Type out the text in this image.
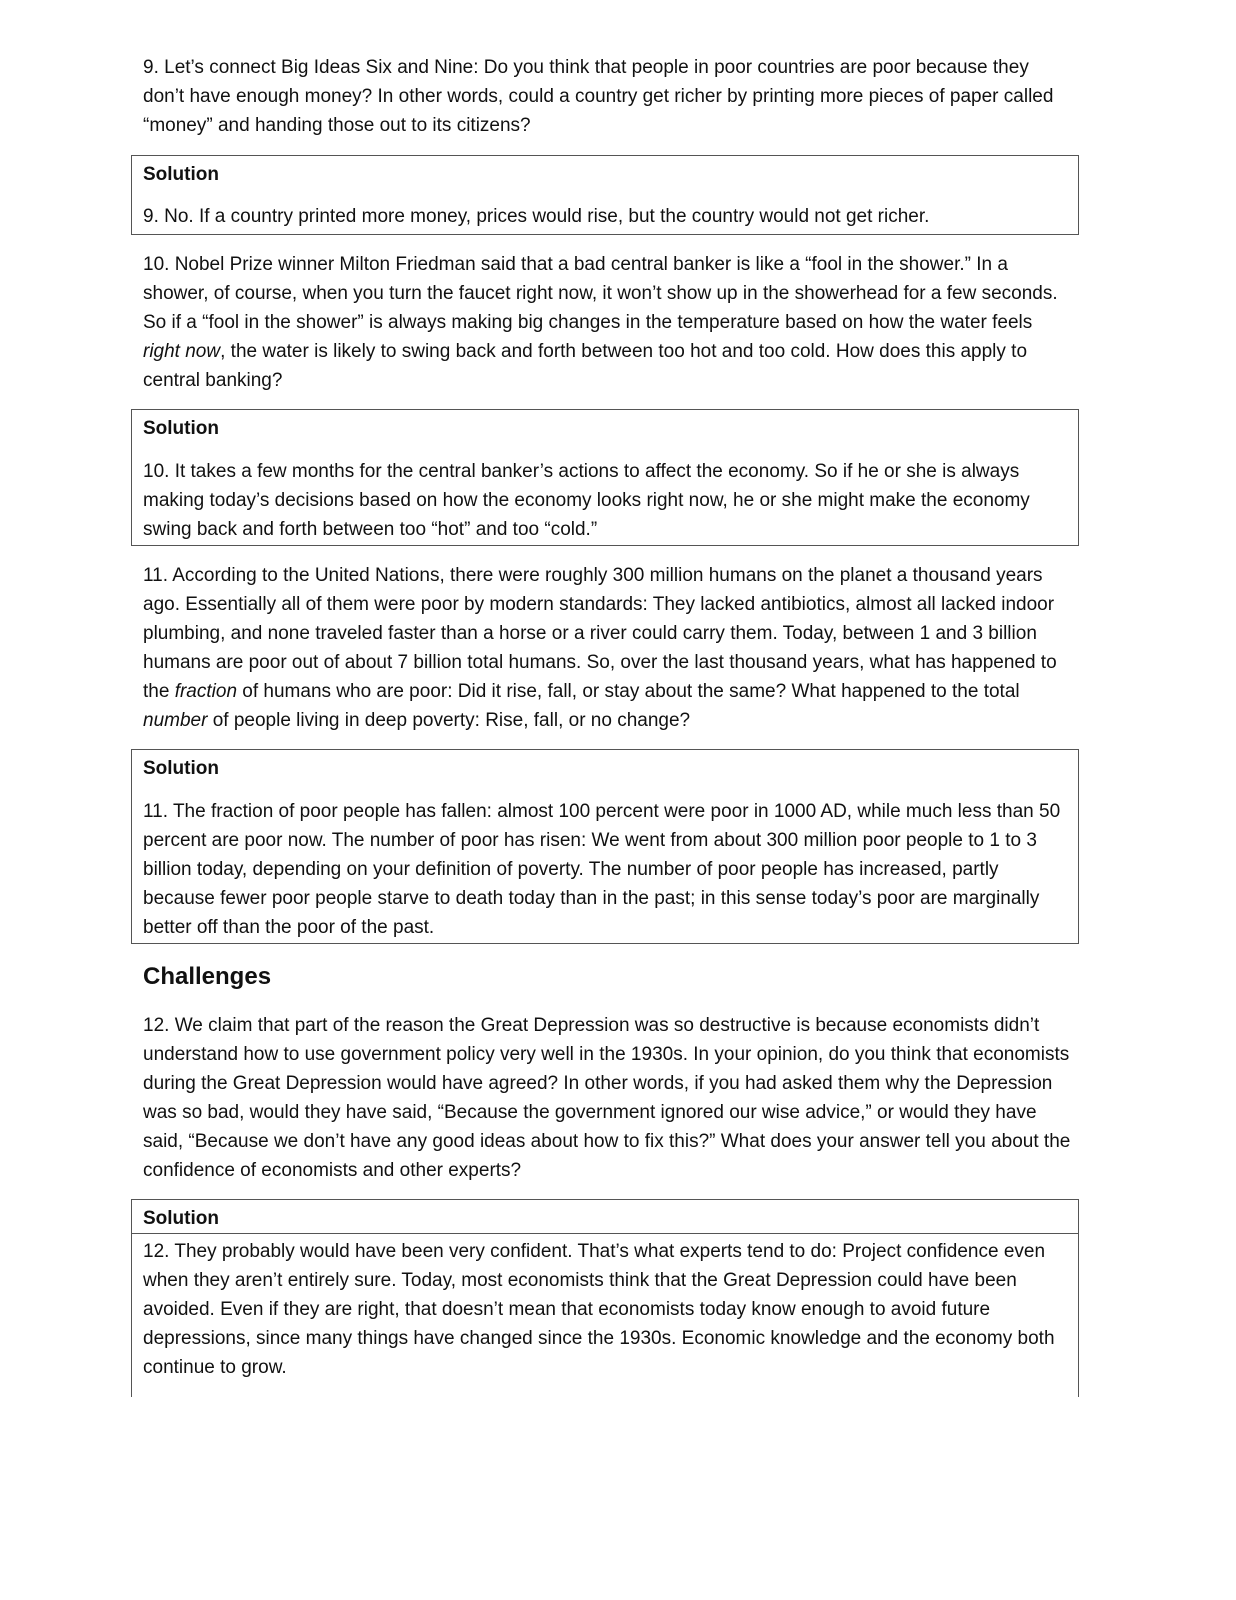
9. Let’s connect Big Ideas Six and Nine: Do you think that people in poor countries are poor because they don’t have enough money? In other words, could a country get richer by printing more pieces of paper called “money” and handing those out to its citizens?

Solution

9. No. If a country printed more money, prices would rise, but the country would not get richer.

10. Nobel Prize winner Milton Friedman said that a bad central banker is like a “fool in the shower.” In a shower, of course, when you turn the faucet right now, it won’t show up in the showerhead for a few seconds. So if a “fool in the shower” is always making big changes in the temperature based on how the water feels right now, the water is likely to swing back and forth between too hot and too cold. How does this apply to central banking?

Solution

10. It takes a few months for the central banker’s actions to affect the economy. So if he or she is always making today’s decisions based on how the economy looks right now, he or she might make the economy swing back and forth between too “hot” and too “cold.”

11. According to the United Nations, there were roughly 300 million humans on the planet a thousand years ago. Essentially all of them were poor by modern standards: They lacked antibiotics, almost all lacked indoor plumbing, and none traveled faster than a horse or a river could carry them. Today, between 1 and 3 billion humans are poor out of about 7 billion total humans. So, over the last thousand years, what has happened to the fraction of humans who are poor: Did it rise, fall, or stay about the same? What happened to the total number of people living in deep poverty: Rise, fall, or no change?

Solution

11. The fraction of poor people has fallen: almost 100 percent were poor in 1000 AD, while much less than 50 percent are poor now. The number of poor has risen: We went from about 300 million poor people to 1 to 3 billion today, depending on your definition of poverty. The number of poor people has increased, partly because fewer poor people starve to death today than in the past; in this sense today’s poor are marginally better off than the poor of the past.

Challenges

12. We claim that part of the reason the Great Depression was so destructive is because economists didn’t understand how to use government policy very well in the 1930s. In your opinion, do you think that economists during the Great Depression would have agreed? In other words, if you had asked them why the Depression was so bad, would they have said, “Because the government ignored our wise advice,” or would they have said, “Because we don’t have any good ideas about how to fix this?” What does your answer tell you about the confidence of economists and other experts?

Solution

12. They probably would have been very confident. That’s what experts tend to do: Project confidence even when they aren’t entirely sure. Today, most economists think that the Great Depression could have been avoided. Even if they are right, that doesn’t mean that economists today know enough to avoid future depressions, since many things have changed since the 1930s. Economic knowledge and the economy both continue to grow.
